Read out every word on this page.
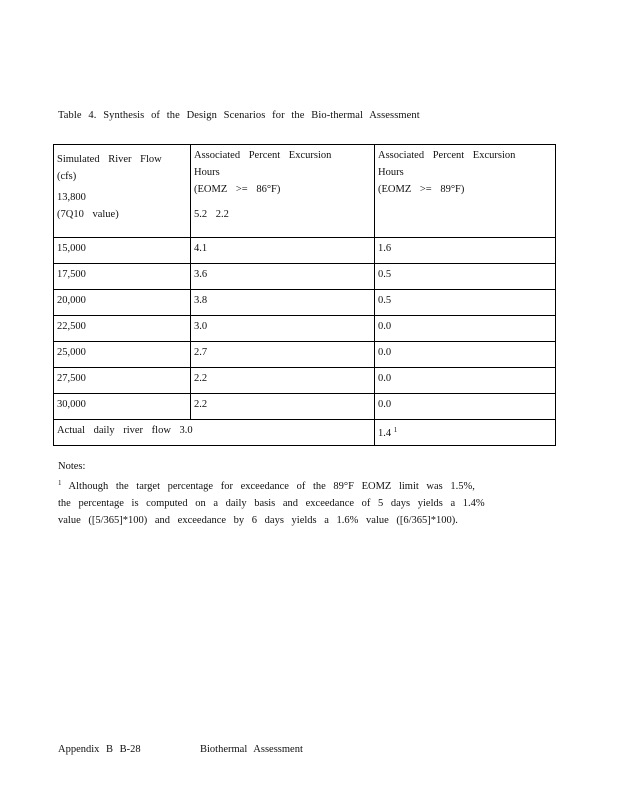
Table 4. Synthesis of the Design Scenarios for the Bio-thermal Assessment
Simulated River Flow
(cfs)
13,800
(7Q10 value)	Associated Percent Excursion
Hours
(EOMZ >= 86°F)
5.2 2.2	Associated Percent Excursion
Hours
(EOMZ >= 89°F)

15,000	4.1	1.6
17,500	3.6	0.5
20,000	3.8	0.5
22,500	3.0	0.0
25,000	2.7	0.0
27,500	2.2	0.0
30,000	2.2	0.0
Actual daily river flow 3.0		1.4 $^1$

Notes:

$^1$ Although the target percentage for exceedance of the 89°F EOMZ limit was 1.5%, the percentage is computed on a daily basis and exceedance of 5 days yields a 1.4% value ([5/365]*100) and exceedance by 6 days yields a 1.6% value ([6/365]*100).

Appendix B B-28	Biothermal Assessment
